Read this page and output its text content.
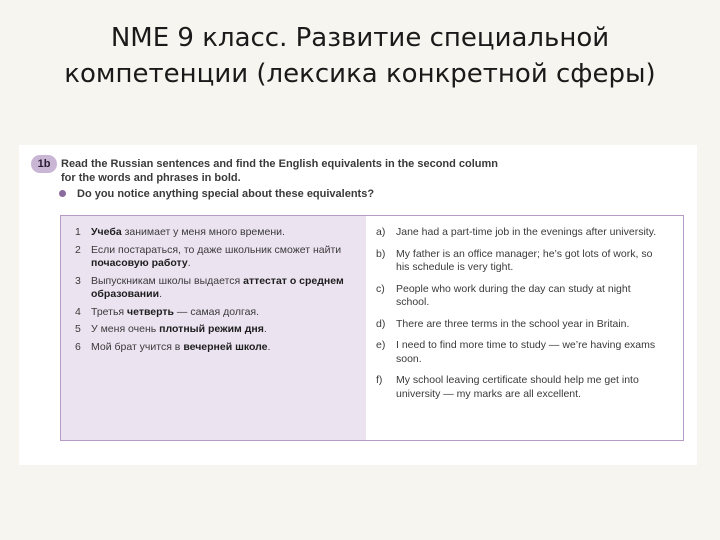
NME 9 класс. Развитие специальной
компетенции (лексика конкретной сферы)
1b Read the Russian sentences and find the English equivalents in the second column
for the words and phrases in bold.
Do you notice anything special about these equivalents?
1 Учеба занимает у меня много времени.
2 Если постараться, то даже школьник сможет найти почасовую работу.
3 Выпускникам школы выдается аттестат о среднем образовании.
4 Третья четверть — самая долгая.
5 У меня очень плотный режим дня.
6 Мой брат учится в вечерней школе.
a)	Jane had a part-time job in the evenings after university.
b)	My father is an office manager; he’s got lots of work, so his schedule is very tight.
c)	People who work during the day can study at night school.
d)	There are three terms in the school year in Britain.
e)	I need to find more time to study — we’re having exams soon.
f)	My school leaving certificate should help me get into university — my marks are all excellent.
